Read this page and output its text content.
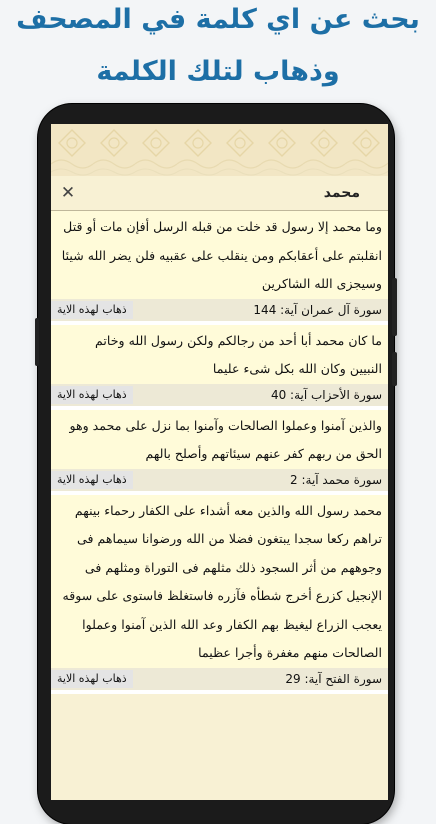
بحث عن اي كلمة في المصحف
وذهاب لتلك الكلمة
محمد
✕
وما محمد إلا رسول قد خلت من قبله الرسل أفإن مات أو قتل انقلبتم على أعقابكم ومن ينقلب على عقبيه فلن يضر الله شيئا وسيجزى الله الشاكرين
سورة آل عمران آية: 144
ذهاب لهذه الاية
ما كان محمد أبا أحد من رجالكم ولكن رسول الله وخاتم النبيين وكان الله بكل شىء عليما
سورة الأحزاب آية: 40
ذهاب لهذه الاية
والذين آمنوا وعملوا الصالحات وآمنوا بما نزل على محمد وهو الحق من ربهم كفر عنهم سيئاتهم وأصلح بالهم
سورة محمد آية: 2
ذهاب لهذه الاية
محمد رسول الله والذين معه أشداء على الكفار رحماء بينهم تراهم ركعا سجدا يبتغون فضلا من الله ورضوانا سيماهم فى وجوههم من أثر السجود ذلك مثلهم فى التوراة ومثلهم فى الإنجيل كزرع أخرج شطأه فآزره فاستغلظ فاستوى على سوقه يعجب الزراع ليغيظ بهم الكفار وعد الله الذين آمنوا وعملوا الصالحات منهم مغفرة وأجرا عظيما
سورة الفتح آية: 29
ذهاب لهذه الاية
